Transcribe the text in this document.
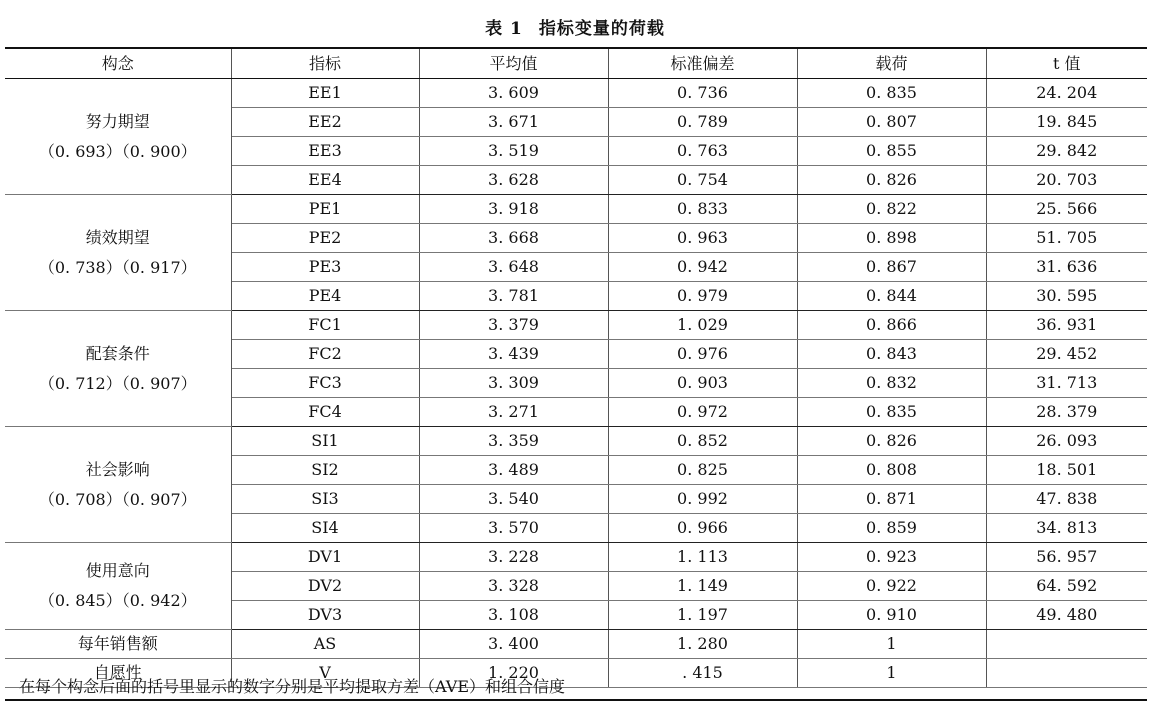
表 1 指标变量的荷载
构念	指标	平均值	标准偏差	载荷	t 值

努力期望
（0. 693）（0. 900）	EE1	3. 609	0. 736	0. 835	24. 204
	EE2	3. 671	0. 789	0. 807	19. 845
	EE3	3. 519	0. 763	0. 855	29. 842
	EE4	3. 628	0. 754	0. 826	20. 703

绩效期望
（0. 738）（0. 917）	PE1	3. 918	0. 833	0. 822	25. 566
	PE2	3. 668	0. 963	0. 898	51. 705
	PE3	3. 648	0. 942	0. 867	31. 636
	PE4	3. 781	0. 979	0. 844	30. 595

配套条件
（0. 712）（0. 907）	FC1	3. 379	1. 029	0. 866	36. 931
	FC2	3. 439	0. 976	0. 843	29. 452
	FC3	3. 309	0. 903	0. 832	31. 713
	FC4	3. 271	0. 972	0. 835	28. 379

社会影响
（0. 708）（0. 907）	SI1	3. 359	0. 852	0. 826	26. 093
	SI2	3. 489	0. 825	0. 808	18. 501
	SI3	3. 540	0. 992	0. 871	47. 838
	SI4	3. 570	0. 966	0. 859	34. 813

使用意向
（0. 845）（0. 942）	DV1	3. 228	1. 113	0. 923	56. 957
	DV2	3. 328	1. 149	0. 922	64. 592
	DV3	3. 108	1. 197	0. 910	49. 480
每年销售额	AS	3. 400	1. 280	1	
自愿性	V	1. 220	. 415	1	
在每个构念后面的括号里显示的数字分别是平均提取方差（AVE）和组合信度
